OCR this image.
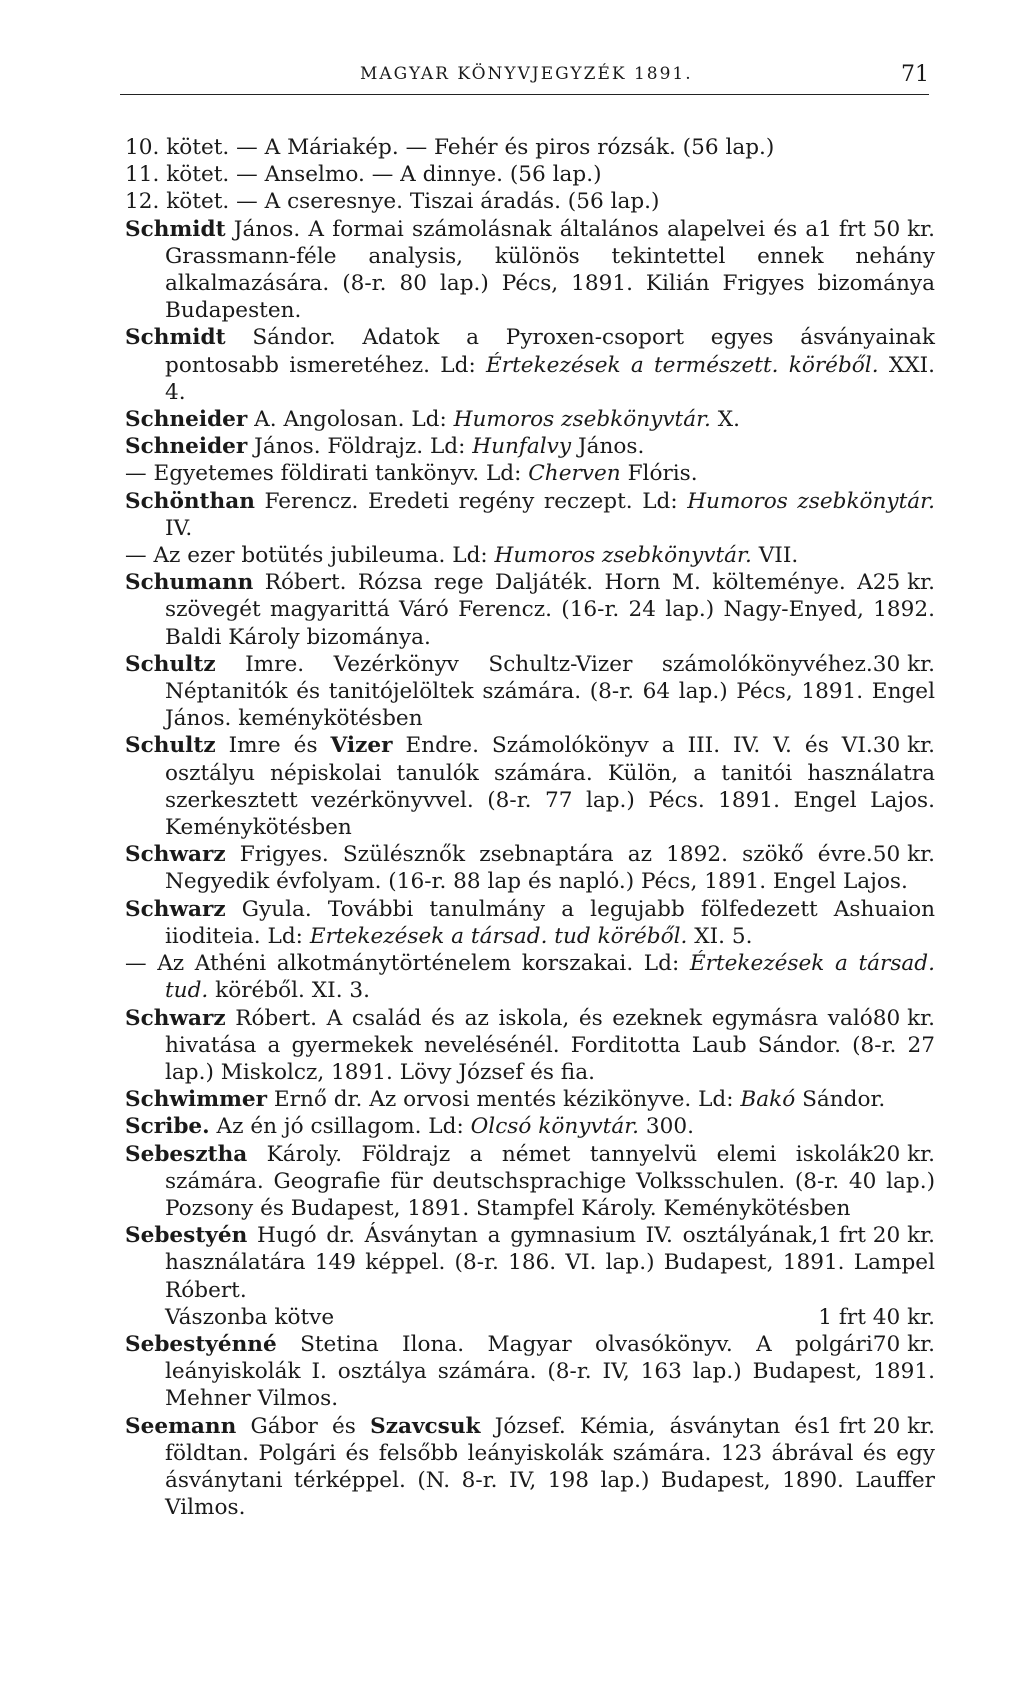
MAGYAR KÖNYVJEGYZÉK 1891.	71
10. kötet. — A Máriakép. — Fehér és piros rózsák. (56 lap.)
11. kötet. — Anselmo. — A dinnye. (56 lap.)
12. kötet. — A cseresnye. Tiszai áradás. (56 lap.)
1 frt 50 kr.
Schmidt János. A formai számolásnak általános alapelvei és a Grassmann-féle analysis, különös tekintettel ennek nehány alkalmazására. (8-r. 80 lap.) Pécs, 1891. Kilián Frigyes bizománya Budapesten.
Schmidt Sándor. Adatok a Pyroxen-csoport egyes ásványainak pontosabb ismeretéhez. Ld: Értekezések a természett. köréből. XXI. 4.
Schneider A. Angolosan. Ld: Humoros zsebkönyvtár. X.
Schneider János. Földrajz. Ld: Hunfalvy János.
— Egyetemes földirati tankönyv. Ld: Cherven Flóris.
Schönthan Ferencz. Eredeti regény reczept. Ld: Humoros zsebkönytár. IV.
— Az ezer botütés jubileuma. Ld: Humoros zsebkönyvtár. VII.
25 kr.
Schumann Róbert. Rózsa rege Daljáték. Horn M. költeménye. A szövegét magyarittá Váró Ferencz. (16-r. 24 lap.) Nagy-Enyed, 1892. Baldi Károly bizománya.
30 kr.
Schultz Imre. Vezérkönyv Schultz-Vizer számolókönyvéhez. Néptanitók és tanitójelöltek számára. (8-r. 64 lap.) Pécs, 1891. Engel János. keménykötésben
30 kr.
Schultz Imre és Vizer Endre. Számolókönyv a III. IV. V. és VI. osztályu népiskolai tanulók számára. Külön, a tanitói használatra szerkesztett vezérkönyvvel. (8-r. 77 lap.) Pécs. 1891. Engel Lajos. Keménykötésben
50 kr.
Schwarz Frigyes. Szülésznők zsebnaptára az 1892. szökő évre. Negyedik évfolyam. (16-r. 88 lap és napló.) Pécs, 1891. Engel Lajos.
Schwarz Gyula. További tanulmány a legujabb fölfedezett Ashuaion iioditeia. Ld: Ertekezések a társad. tud köréből. XI. 5.
— Az Athéni alkotmánytörténelem korszakai. Ld: Értekezések a társad. tud. köréből. XI. 3.
80 kr.
Schwarz Róbert. A család és az iskola, és ezeknek egymásra való hivatása a gyermekek nevelésénél. Forditotta Laub Sándor. (8-r. 27 lap.) Miskolcz, 1891. Lövy József és fia.
Schwimmer Ernő dr. Az orvosi mentés kézikönyve. Ld: Bakó Sándor.
Scribe. Az én jó csillagom. Ld: Olcsó könyvtár. 300.
20 kr.
Sebesztha Károly. Földrajz a német tannyelvü elemi iskolák számára. Geografie für deutschsprachige Volksschulen. (8-r. 40 lap.) Pozsony és Budapest, 1891. Stampfel Károly. Keménykötésben
1 frt 20 kr.
Sebestyén Hugó dr. Ásványtan a gymnasium IV. osztályának, használatára 149 képpel. (8-r. 186. VI. lap.) Budapest, 1891. Lampel Róbert.

1 frt 40 kr.
Vászonba kötve
70 kr.
Sebestyénné Stetina Ilona. Magyar olvasókönyv. A polgári leányiskolák I. osztálya számára. (8-r. IV, 163 lap.) Budapest, 1891. Mehner Vilmos.
1 frt 20 kr.
Seemann Gábor és Szavcsuk József. Kémia, ásványtan és földtan. Polgári és felsőbb leányiskolák számára. 123 ábrával és egy ásványtani térképpel. (N. 8-r. IV, 198 lap.) Budapest, 1890. Lauffer Vilmos.
